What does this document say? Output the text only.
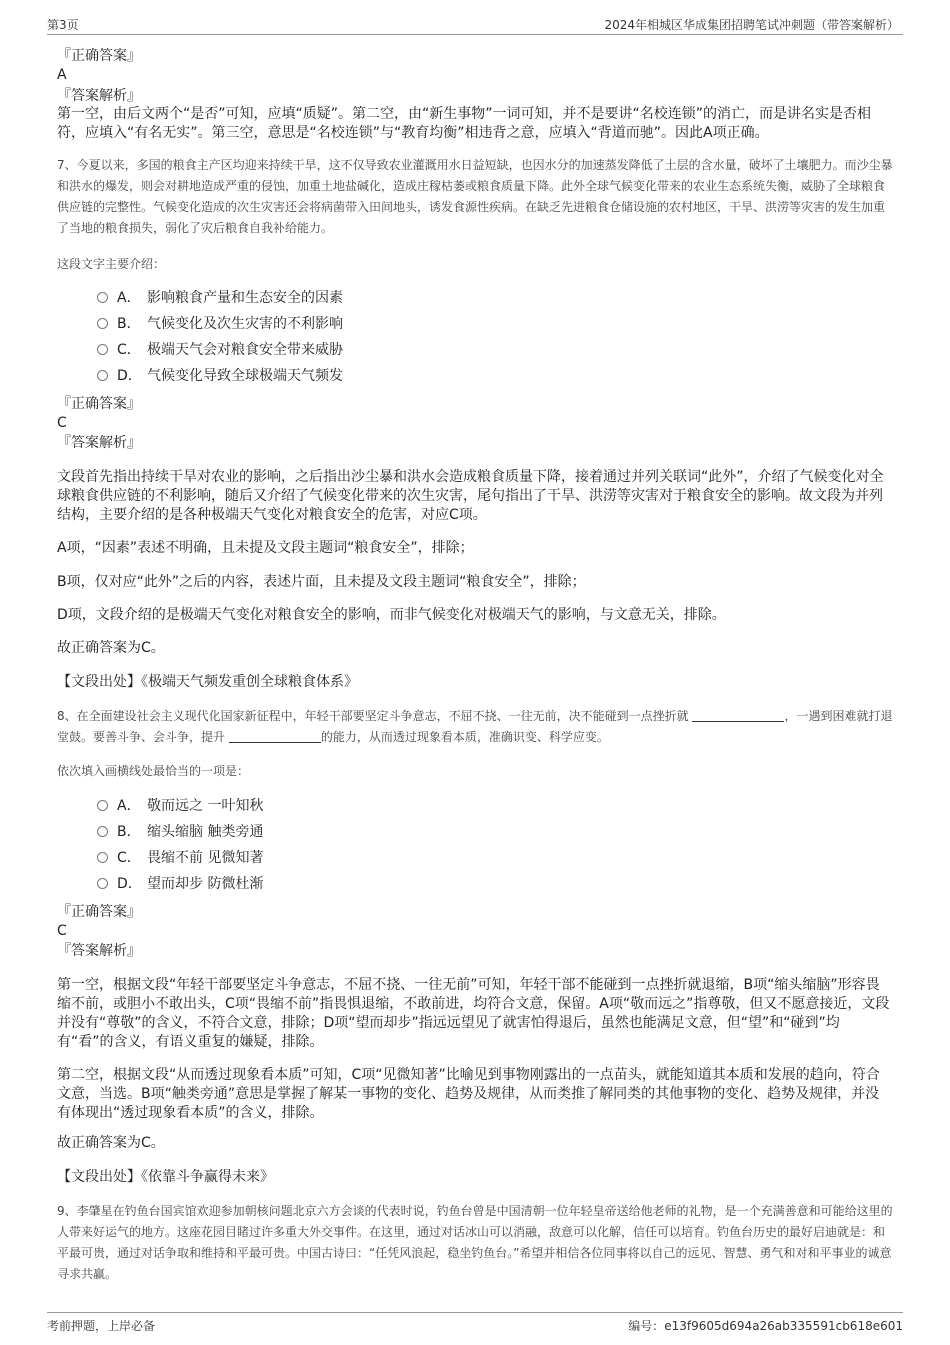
第3页	2024年相城区华成集团招聘笔试冲刺题（带答案解析）
『正确答案』
A
『答案解析』
第一空，由后文两个“是否”可知，应填“质疑”。第二空，由“新生事物”一词可知，并不是要讲“名校连锁”的消亡，而是讲名实是否相符，应填入“有名无实”。第三空，意思是“名校连锁”与“教育均衡”相违背之意，应填入“背道而驰”。因此A项正确。
7、今夏以来，多国的粮食主产区均迎来持续干旱，这不仅导致农业灌溉用水日益短缺，也因水分的加速蒸发降低了土层的含水量，破坏了土壤肥力。而沙尘暴和洪水的爆发，则会对耕地造成严重的侵蚀，加重土地盐碱化，造成庄稼枯萎或粮食质量下降。此外全球气候变化带来的农业生态系统失衡，威胁了全球粮食供应链的完整性。气候变化造成的次生灾害还会将病菌带入田间地头，诱发食源性疾病。在缺乏先进粮食仓储设施的农村地区，干旱、洪涝等灾害的发生加重了当地的粮食损失，弱化了灾后粮食自我补给能力。
这段文字主要介绍：
A． 影响粮食产量和生态安全的因素
B． 气候变化及次生灾害的不利影响
C． 极端天气会对粮食安全带来威胁
D． 气候变化导致全球极端天气频发
『正确答案』
C
『答案解析』
文段首先指出持续干旱对农业的影响，之后指出沙尘暴和洪水会造成粮食质量下降，接着通过并列关联词“此外”，介绍了气候变化对全球粮食供应链的不利影响，随后又介绍了气候变化带来的次生灾害，尾句指出了干旱、洪涝等灾害对于粮食安全的影响。故文段为并列结构，主要介绍的是各种极端天气变化对粮食安全的危害，对应C项。
A项，“因素”表述不明确，且未提及文段主题词“粮食安全”，排除；
B项，仅对应“此外”之后的内容，表述片面，且未提及文段主题词“粮食安全”，排除；
D项，文段介绍的是极端天气变化对粮食安全的影响，而非气候变化对极端天气的影响，与文意无关，排除。
故正确答案为C。
【文段出处】《极端天气频发重创全球粮食体系》
8、在全面建设社会主义现代化国家新征程中，年轻干部要坚定斗争意志，不屈不挠、一往无前，决不能碰到一点挫折就	，一遇到困难就打退堂鼓。要善斗争、会斗争，提升	的能力，从而透过现象看本质，准确识变、科学应变。
依次填入画横线处最恰当的一项是：
A． 敬而远之 一叶知秋
B． 缩头缩脑 触类旁通
C． 畏缩不前 见微知著
D． 望而却步 防微杜渐
『正确答案』
C
『答案解析』
第一空，根据文段“年轻干部要坚定斗争意志，不屈不挠、一往无前”可知，年轻干部不能碰到一点挫折就退缩，B项“缩头缩脑”形容畏缩不前，或胆小不敢出头，C项“畏缩不前”指畏惧退缩，不敢前进，均符合文意，保留。A项“敬而远之”指尊敬，但又不愿意接近，文段并没有“尊敬”的含义，不符合文意，排除；D项“望而却步”指远远望见了就害怕得退后，虽然也能满足文意，但“望”和“碰到”均有“看”的含义，有语义重复的嫌疑，排除。
第二空，根据文段“从而透过现象看本质”可知，C项“见微知著”比喻见到事物刚露出的一点苗头，就能知道其本质和发展的趋向，符合文意，当选。B项“触类旁通”意思是掌握了解某一事物的变化、趋势及规律，从而类推了解同类的其他事物的变化、趋势及规律，并没有体现出“透过现象看本质”的含义，排除。
故正确答案为C。
【文段出处】《依靠斗争赢得未来》
9、李肇星在钓鱼台国宾馆欢迎参加朝核问题北京六方会谈的代表时说，钓鱼台曾是中国清朝一位年轻皇帝送给他老师的礼物，是一个充满善意和可能给这里的人带来好运气的地方。这座花园目睹过许多重大外交事件。在这里，通过对话冰山可以消融，敌意可以化解，信任可以培育。钓鱼台历史的最好启迪就是：和平最可贵，通过对话争取和维持和平最可贵。中国古诗曰：“任凭风浪起，稳坐钓鱼台。”希望并相信各位同事将以自己的远见、智慧、勇气和对和平事业的诚意寻求共赢。
考前押题，上岸必备	编号：e13f9605d694a26ab335591cb618e601
